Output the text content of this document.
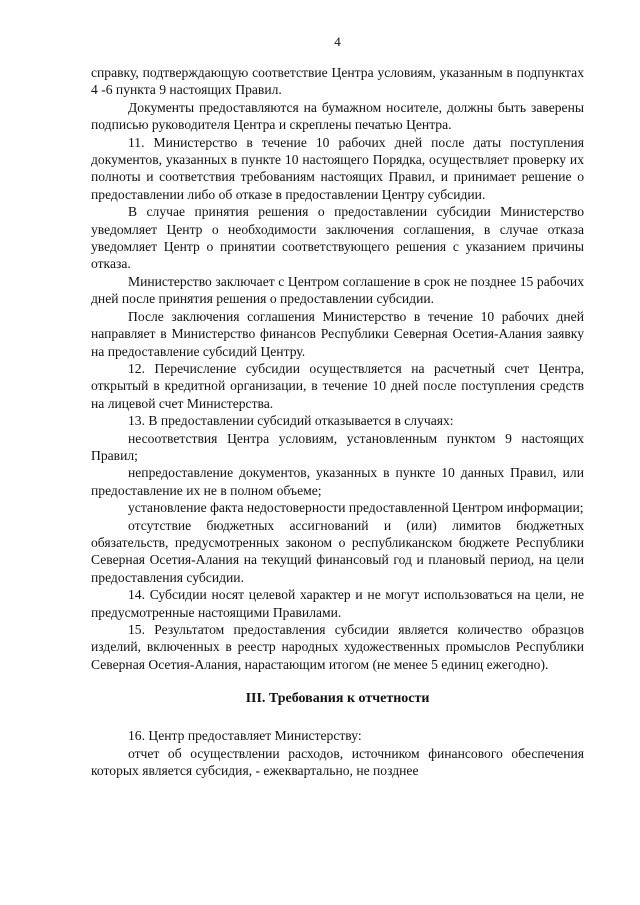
4

справку, подтверждающую соответствие Центра условиям, указанным в подпунктах 4 -6 пункта 9 настоящих Правил.

Документы предоставляются на бумажном носителе, должны быть заверены подписью руководителя Центра и скреплены печатью Центра.

11. Министерство в течение 10 рабочих дней после даты поступления документов, указанных в пункте 10 настоящего Порядка, осуществляет проверку их полноты и соответствия требованиям настоящих Правил, и принимает решение о предоставлении либо об отказе в предоставлении Центру субсидии.

В случае принятия решения о предоставлении субсидии Министерство уведомляет Центр о необходимости заключения соглашения, в случае отказа уведомляет Центр о принятии соответствующего решения с указанием причины отказа.

Министерство заключает с Центром соглашение в срок не позднее 15 рабочих дней после принятия решения о предоставлении субсидии.

После заключения соглашения Министерство в течение 10 рабочих дней направляет в Министерство финансов Республики Северная Осетия-Алания заявку на предоставление субсидий Центру.

12. Перечисление субсидии осуществляется на расчетный счет Центра, открытый в кредитной организации, в течение 10 дней после поступления средств на лицевой счет Министерства.

13. В предоставлении субсидий отказывается в случаях:

несоответствия Центра условиям, установленным пунктом 9 настоящих Правил;

непредоставление документов, указанных в пункте 10 данных Правил, или предоставление их не в полном объеме;

установление факта недостоверности предоставленной Центром информации;

отсутствие бюджетных ассигнований и (или) лимитов бюджетных обязательств, предусмотренных законом о республиканском бюджете Республики Северная Осетия-Алания на текущий финансовый год и плановый период, на цели предоставления субсидии.

14. Субсидии носят целевой характер и не могут использоваться на цели, не предусмотренные настоящими Правилами.

15. Результатом предоставления субсидии является количество образцов изделий, включенных в реестр народных художественных промыслов Республики Северная Осетия-Алания, нарастающим итогом (не менее 5 единиц ежегодно).

III. Требования к отчетности

16. Центр предоставляет Министерству:

отчет об осуществлении расходов, источником финансового обеспечения которых является субсидия, - ежеквартально, не позднее
